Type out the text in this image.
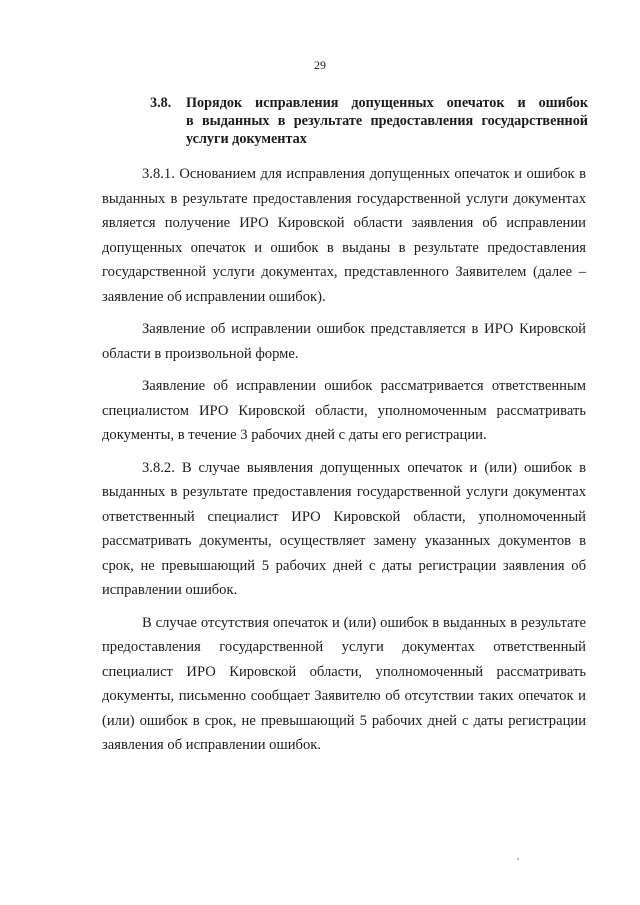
29
3.8. Порядок исправления допущенных опечаток и ошибок
в выданных в результате предоставления государственной
услуги документах

3.8.1. Основанием для исправления допущенных опечаток и ошибок в выданных в результате предоставления государственной услуги документах является получение ИРО Кировской области заявления об исправлении допущенных опечаток и ошибок в выданы в результате предоставления государственной услуги документах, представленного Заявителем (далее – заявление об исправлении ошибок).

Заявление об исправлении ошибок представляется в ИРО Кировской области в произвольной форме.

Заявление об исправлении ошибок рассматривается ответственным специалистом ИРО Кировской области, уполномоченным рассматривать документы, в течение 3 рабочих дней с даты его регистрации.

3.8.2. В случае выявления допущенных опечаток и (или) ошибок в выданных в результате предоставления государственной услуги документах ответственный специалист ИРО Кировской области, уполномоченный рассматривать документы, осуществляет замену указанных документов в срок, не превышающий 5 рабочих дней с даты регистрации заявления об исправлении ошибок.

В случае отсутствия опечаток и (или) ошибок в выданных в результате предоставления государственной услуги документах ответственный специалист ИРО Кировской области, уполномоченный рассматривать документы, письменно сообщает Заявителю об отсутствии таких опечаток и (или) ошибок в срок, не превышающий 5 рабочих дней с даты регистрации заявления об исправлении ошибок.
